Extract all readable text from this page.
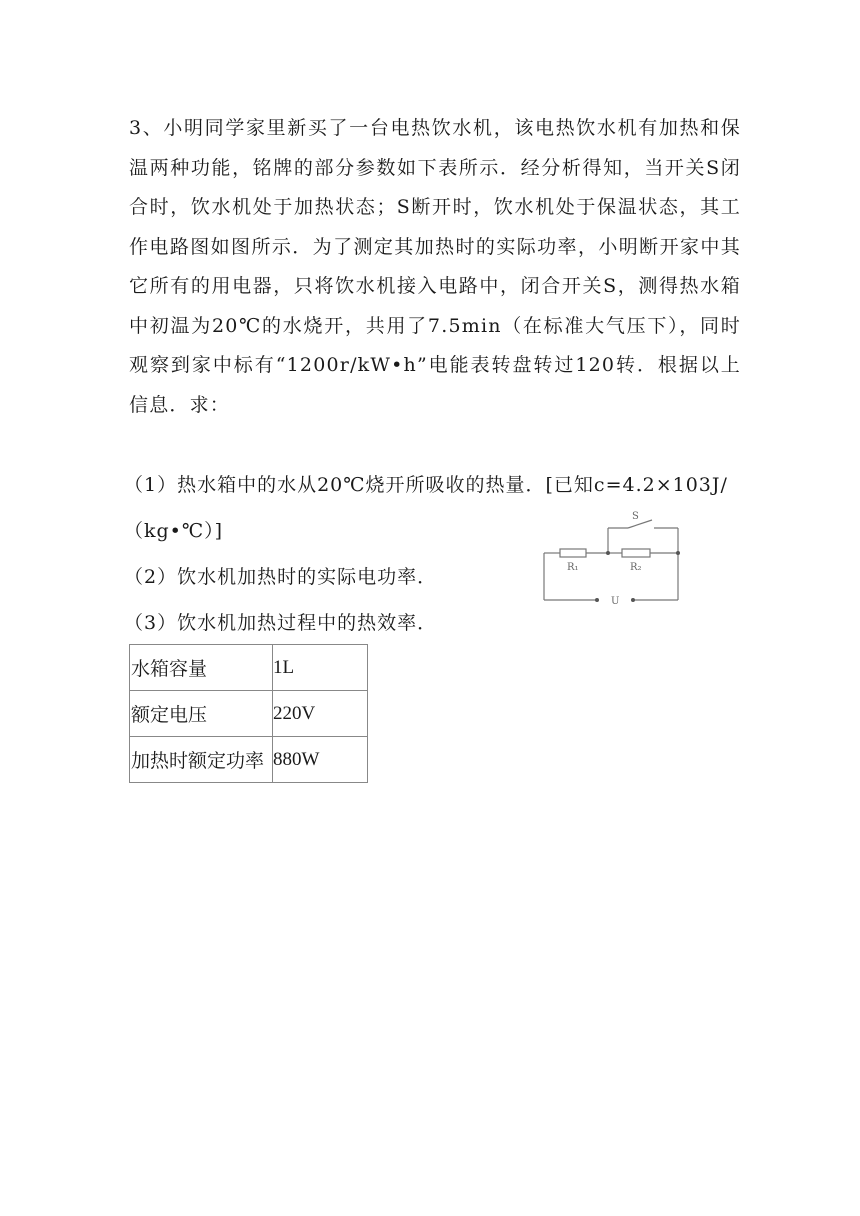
3、小明同学家里新买了一台电热饮水机，该电热饮水机有加热和保温两种功能，铭牌的部分参数如下表所示．经分析得知，当开关S闭合时，饮水机处于加热状态；S断开时，饮水机处于保温状态，其工作电路图如图所示．为了测定其加热时的实际功率，小明断开家中其它所有的用电器，只将饮水机接入电路中，闭合开关S，测得热水箱中初温为20℃的水烧开，共用了7.5min（在标准大气压下），同时观察到家中标有“1200r/kW•h”电能表转盘转过120转．根据以上信息．求：
（1）热水箱中的水从20℃烧开所吸收的热量．[已知c=4.2×103J/
（kg•℃）]
（2）饮水机加热时的实际电功率．
（3）饮水机加热过程中的热效率．
S
R₁	R₂
U
水箱容量	1L
额定电压	220V
加热时额定功率	880W
